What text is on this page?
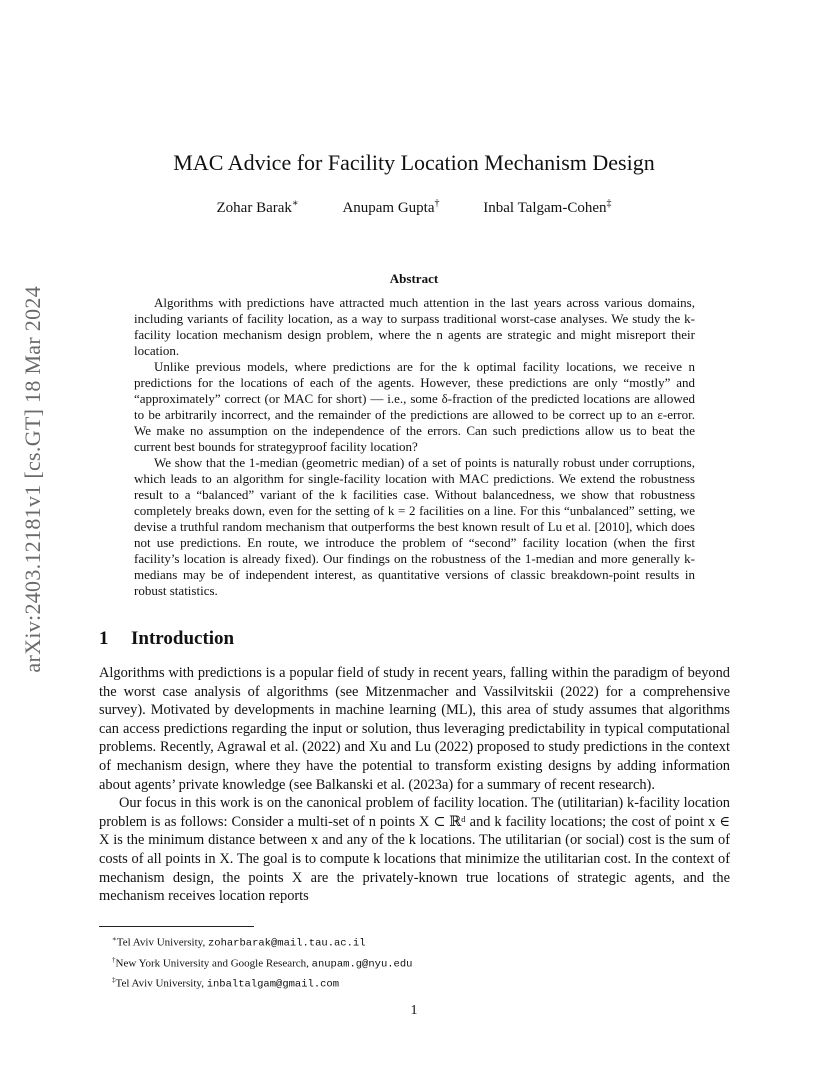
arXiv:2403.12181v1 [cs.GT] 18 Mar 2024
MAC Advice for Facility Location Mechanism Design
Zohar Barak∗	Anupam Gupta†	Inbal Talgam-Cohen‡
Abstract

Algorithms with predictions have attracted much attention in the last years across various domains, including variants of facility location, as a way to surpass traditional worst-case analyses. We study the k-facility location mechanism design problem, where the n agents are strategic and might misreport their location.

Unlike previous models, where predictions are for the k optimal facility locations, we receive n predictions for the locations of each of the agents. However, these predictions are only “mostly” and “approximately” correct (or MAC for short) — i.e., some δ-fraction of the predicted locations are allowed to be arbitrarily incorrect, and the remainder of the predictions are allowed to be correct up to an ε-error. We make no assumption on the independence of the errors. Can such predictions allow us to beat the current best bounds for strategyproof facility location?

We show that the 1-median (geometric median) of a set of points is naturally robust under corruptions, which leads to an algorithm for single-facility location with MAC predictions. We extend the robustness result to a “balanced” variant of the k facilities case. Without balancedness, we show that robustness completely breaks down, even for the setting of k = 2 facilities on a line. For this “unbalanced” setting, we devise a truthful random mechanism that outperforms the best known result of Lu et al. [2010], which does not use predictions. En route, we introduce the problem of “second” facility location (when the first facility’s location is already fixed). Our findings on the robustness of the 1-median and more generally k-medians may be of independent interest, as quantitative versions of classic breakdown-point results in robust statistics.

1 Introduction

Algorithms with predictions is a popular field of study in recent years, falling within the paradigm of beyond the worst case analysis of algorithms (see Mitzenmacher and Vassilvitskii (2022) for a comprehensive survey). Motivated by developments in machine learning (ML), this area of study assumes that algorithms can access predictions regarding the input or solution, thus leveraging predictability in typical computational problems. Recently, Agrawal et al. (2022) and Xu and Lu (2022) proposed to study predictions in the context of mechanism design, where they have the potential to transform existing designs by adding information about agents’ private knowledge (see Balkanski et al. (2023a) for a summary of recent research).

Our focus in this work is on the canonical problem of facility location. The (utilitarian) k-facility location problem is as follows: Consider a multi-set of n points X ⊂ ℝᵈ and k facility locations; the cost of point x ∈ X is the minimum distance between x and any of the k locations. The utilitarian (or social) cost is the sum of costs of all points in X. The goal is to compute k locations that minimize the utilitarian cost. In the context of mechanism design, the points X are the privately-known true locations of strategic agents, and the mechanism receives location reports

∗Tel Aviv University, zoharbarak@mail.tau.ac.il
†New York University and Google Research, anupam.g@nyu.edu
‡Tel Aviv University, inbaltalgam@gmail.com
1
